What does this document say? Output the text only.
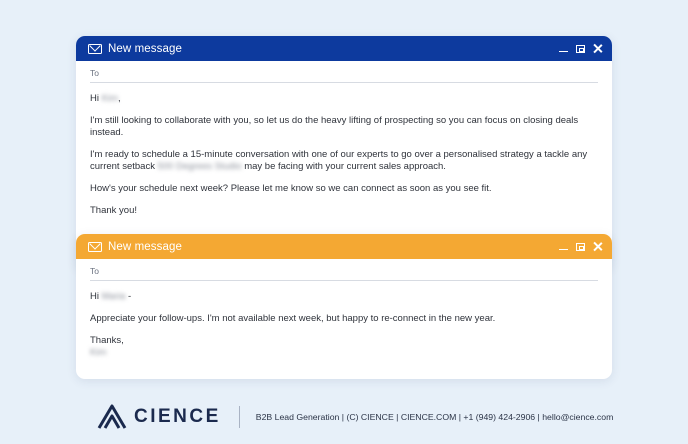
New message
To

Hi Kim,

I'm still looking to collaborate with you, so let us do the heavy lifting of prospecting so you can focus on closing deals instead.

I'm ready to schedule a 15-minute conversation with one of our experts to go over a personalised strategy a tackle any current setback 500 Degrees Studio may be facing with your current sales approach.

How's your schedule next week? Please let me know so we can connect as soon as you see fit.

Thank you!

New message
To

Hi Maria -

Appreciate your follow-ups. I'm not available next week, but happy to re-connect in the new year.

Thanks,
Kim

CIENCE	B2B Lead Generation | (C) CIENCE | CIENCE.COM | +1 (949) 424-2906 | hello@cience.com
